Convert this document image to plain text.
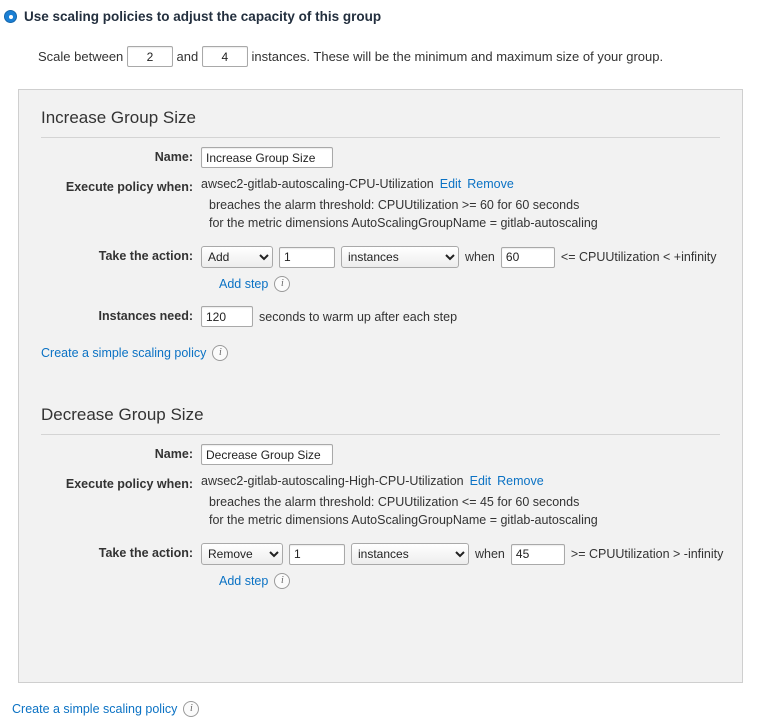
Use scaling policies to adjust the capacity of this group
Scale between

2
	and

4
	instances. These will be the minimum and maximum size of your group.
Increase Group Size
Name:
Increase Group Size
Execute policy when: awsec2-gitlab-autoscaling-CPU-Utilization Edit Remove
breaches the alarm threshold: CPUUtilization >= 60 for 60 seconds
for the metric dimensions AutoScalingGroupName = gitlab-autoscaling
Take the action:
Add
1
instances	when
60	<= CPUUtilization < +infinity
Add step	i
Instances need:
120	seconds to warm up after each step
Create a simple scaling policy	i
Decrease Group Size
Name:
Decrease Group Size
Execute policy when: awsec2-gitlab-autoscaling-High-CPU-Utilization Edit Remove
breaches the alarm threshold: CPUUtilization <= 45 for 60 seconds
for the metric dimensions AutoScalingGroupName = gitlab-autoscaling
Take the action:
Remove
1
instances	when
45	>= CPUUtilization > -infinity
Add step	i
Create a simple scaling policy	i
